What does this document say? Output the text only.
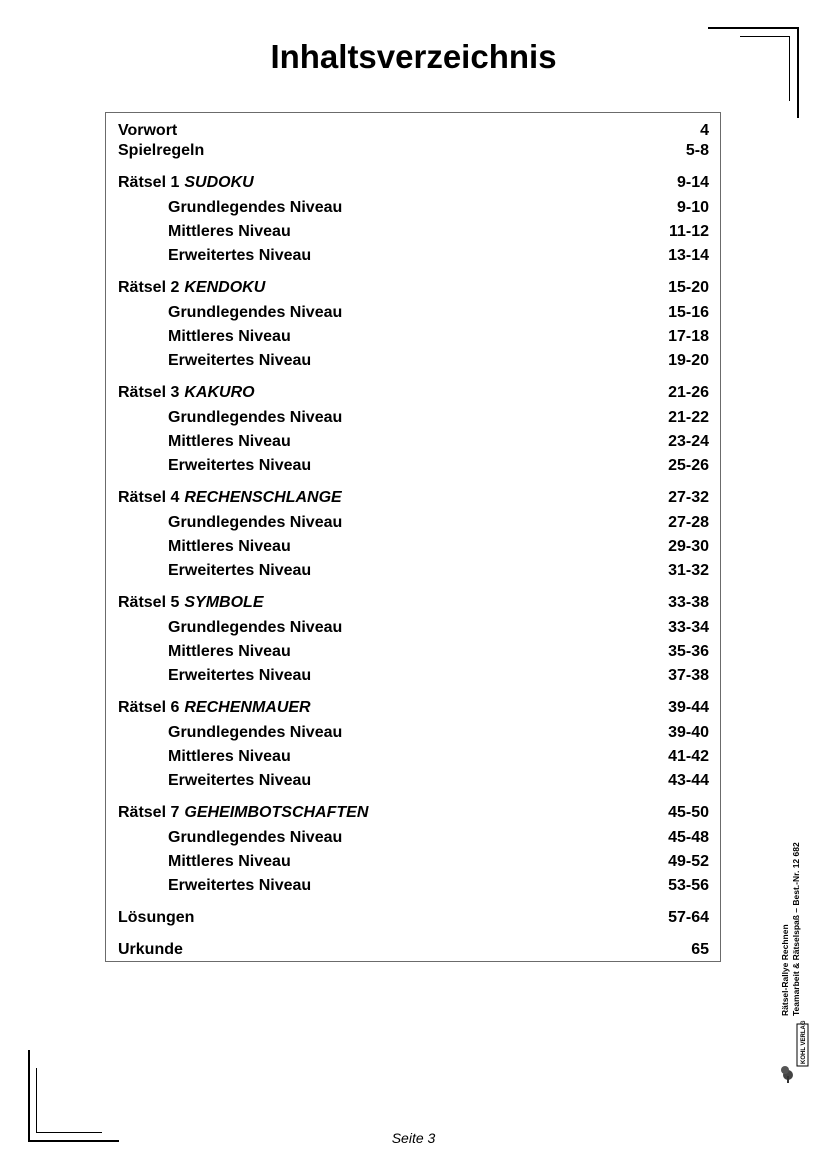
Inhaltsverzeichnis
Vorwort	4
Spielregeln	5-8
Rätsel 1 SUDOKU	9-14
Grundlegendes Niveau	9-10
Mittleres Niveau	11-12
Erweitertes Niveau	13-14
Rätsel 2 KENDOKU	15-20
Grundlegendes Niveau	15-16
Mittleres Niveau	17-18
Erweitertes Niveau	19-20
Rätsel 3 KAKURO	21-26
Grundlegendes Niveau	21-22
Mittleres Niveau	23-24
Erweitertes Niveau	25-26
Rätsel 4 RECHENSCHLANGE	27-32
Grundlegendes Niveau	27-28
Mittleres Niveau	29-30
Erweitertes Niveau	31-32
Rätsel 5 SYMBOLE	33-38
Grundlegendes Niveau	33-34
Mittleres Niveau	35-36
Erweitertes Niveau	37-38
Rätsel 6 RECHENMAUER	39-44
Grundlegendes Niveau	39-40
Mittleres Niveau	41-42
Erweitertes Niveau	43-44
Rätsel 7 GEHEIMBOTSCHAFTEN	45-50
Grundlegendes Niveau	45-48
Mittleres Niveau	49-52
Erweitertes Niveau	53-56
Lösungen	57-64
Urkunde	65	Rätsel-Rallye Rechnen Teamarbeit & Rätselspaß – Best.-Nr. 12 682
KOHL VERLAG
Seite 3
